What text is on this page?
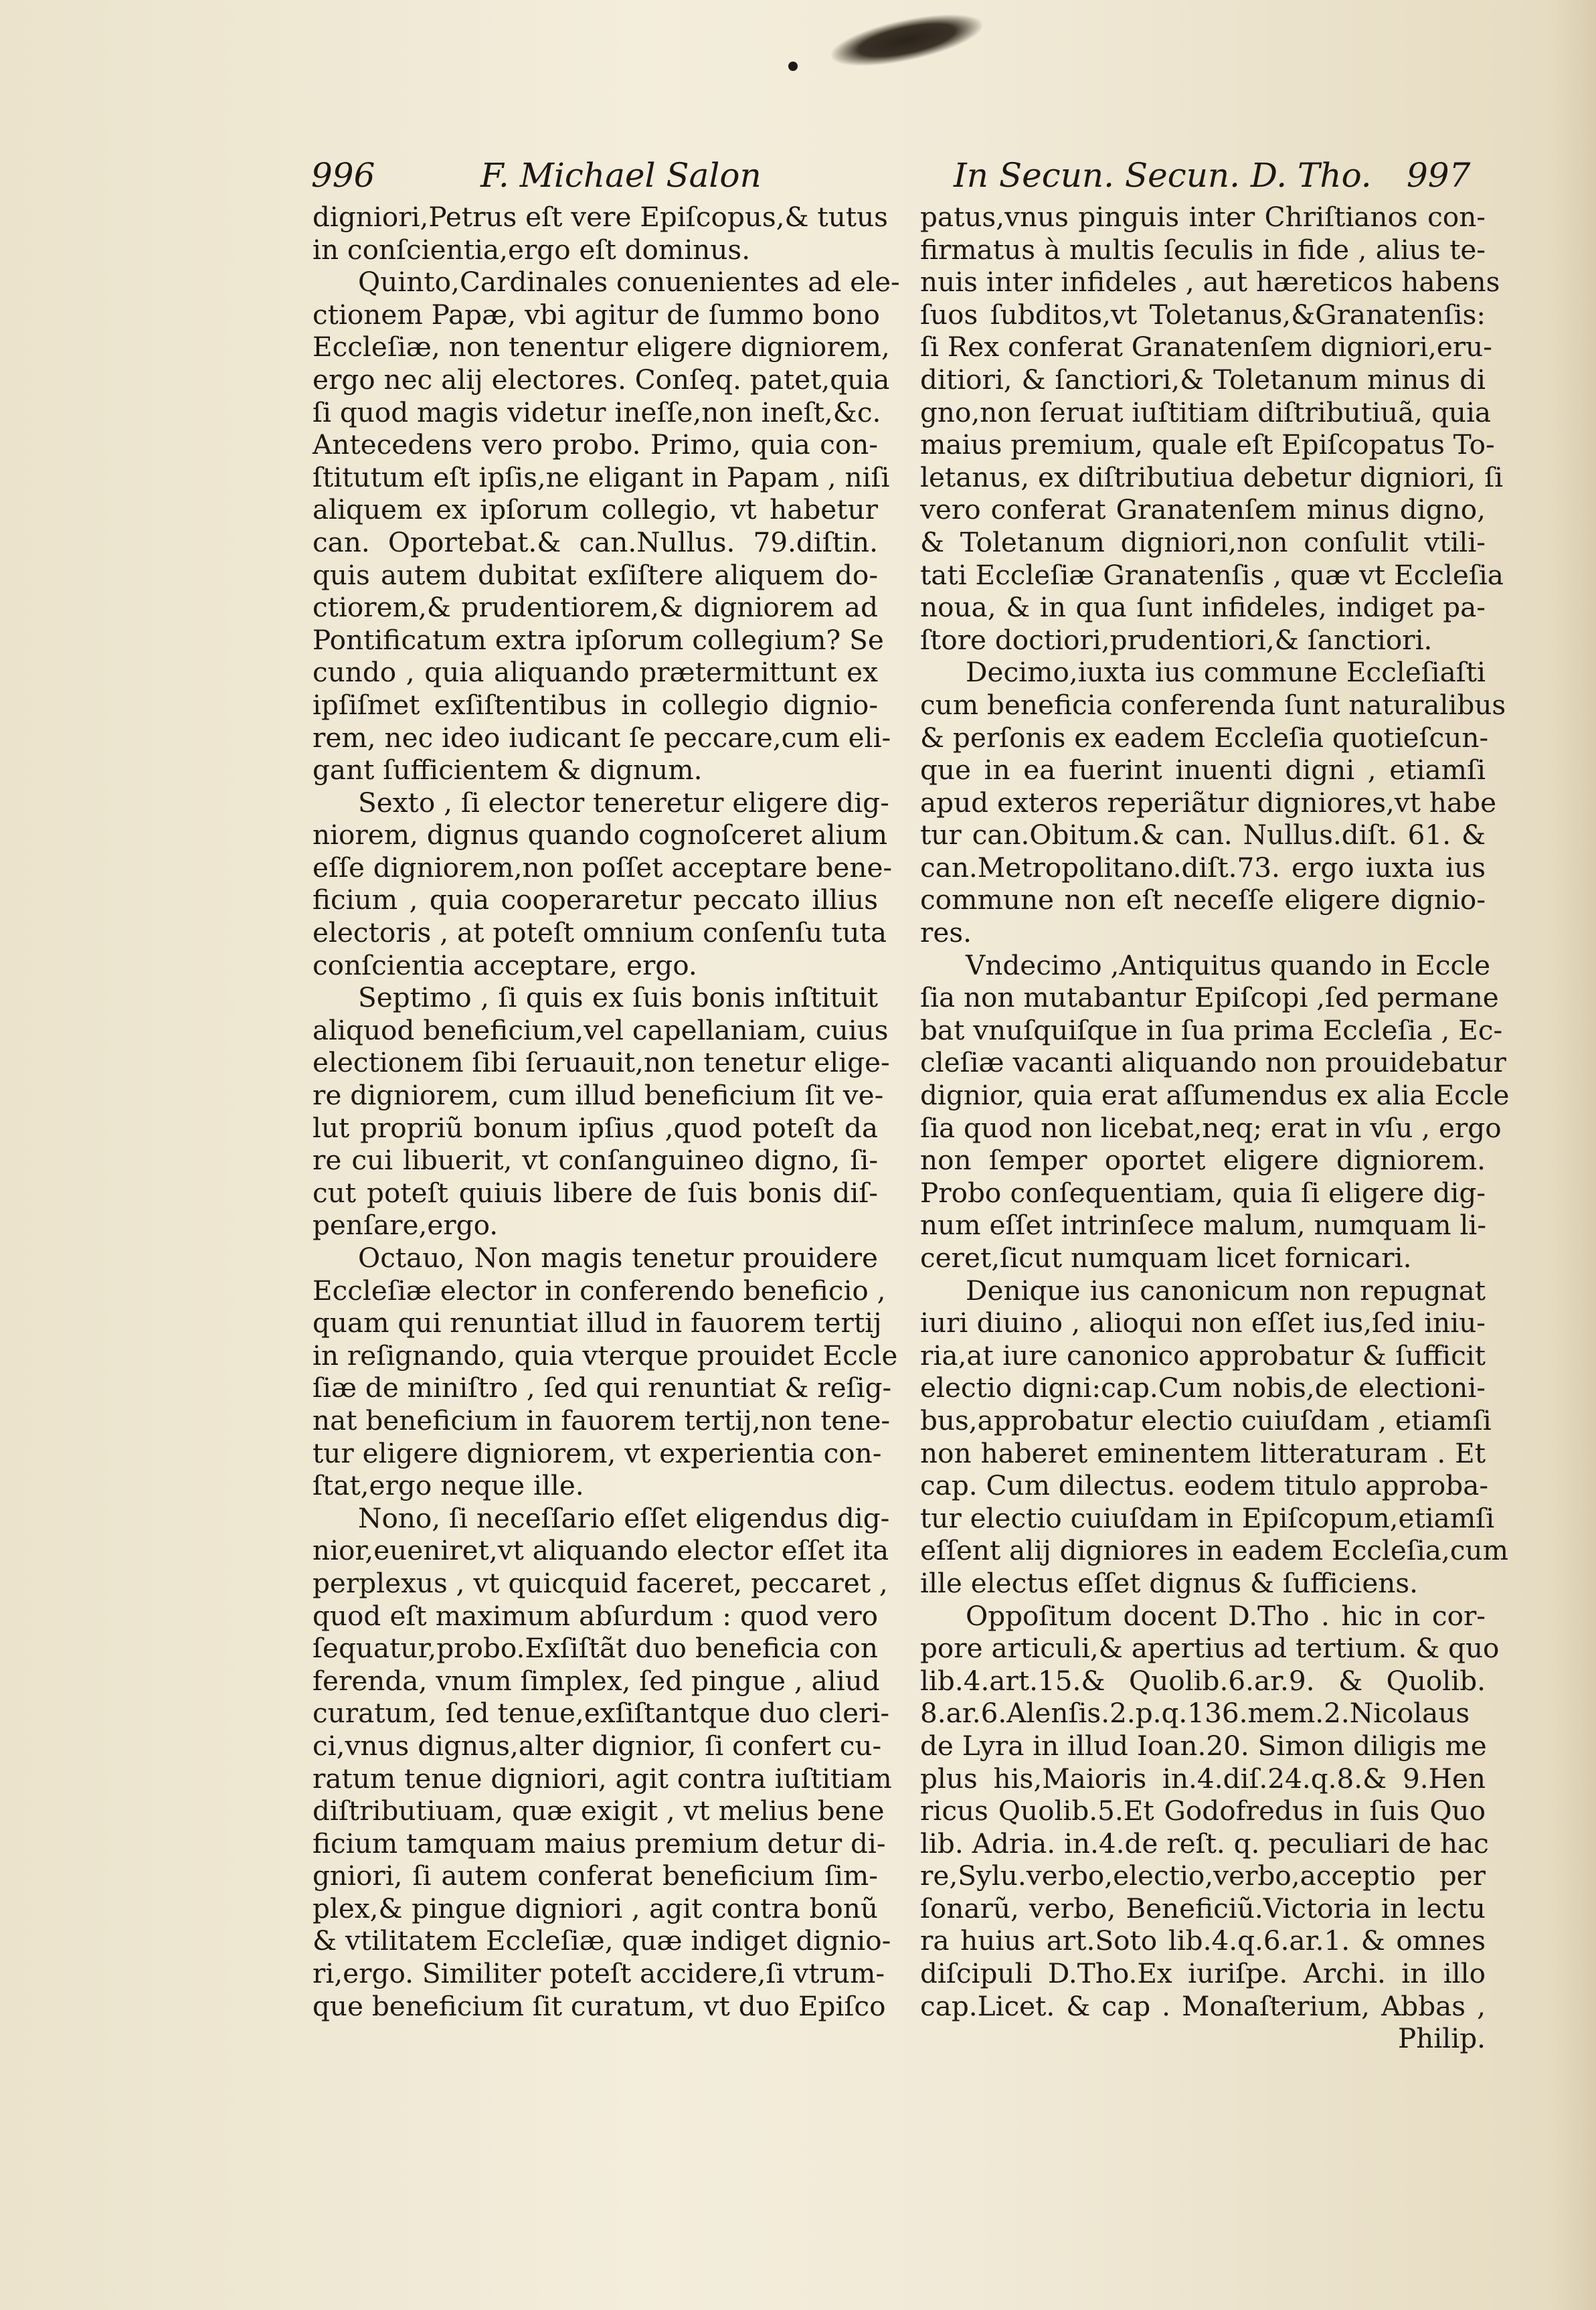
996	F. Michael Salon	In Secun. Secun. D. Tho. 997

digniori,Petrus eſt vere Epiſcopus,& tutus

in conſcientia,ergo eſt dominus.

Quinto,Cardinales conuenientes ad ele-

ctionem Papæ, vbi agitur de ſummo bono

Eccleſiæ, non tenentur eligere digniorem,

ergo nec alij electores. Conſeq. patet,quia

ſi quod magis videtur ineſſe,non ineſt,&c.

Antecedens vero probo. Primo, quia con-

ſtitutum eſt ipſis,ne eligant in Papam , niſi

aliquem ex ipſorum collegio, vt habetur

can. Oportebat.& can.Nullus. 79.diſtin.

quis autem dubitat exſiſtere aliquem do-

ctiorem,& prudentiorem,& digniorem ad

Pontificatum extra ipſorum collegium? Se

cundo , quia aliquando prætermittunt ex

ipſiſmet exſiſtentibus in collegio dignio-

rem, nec ideo iudicant ſe peccare,cum eli-

gant ſufficientem & dignum.

Sexto , ſi elector teneretur eligere dig-

niorem, dignus quando cognoſceret alium

eſſe digniorem,non poſſet acceptare bene-

ficium , quia cooperaretur peccato illius

electoris , at poteſt omnium conſenſu tuta

conſcientia acceptare, ergo.

Septimo , ſi quis ex ſuis bonis inſtituit

aliquod beneficium,vel capellaniam, cuius

electionem ſibi ſeruauit,non tenetur elige-

re digniorem, cum illud beneficium ſit ve-

lut propriũ bonum ipſius ,quod poteſt da

re cui libuerit, vt conſanguineo digno, ſi-

cut poteſt quiuis libere de ſuis bonis diſ-

penſare,ergo.

Octauo, Non magis tenetur prouidere

Eccleſiæ elector in conferendo beneficio ,

quam qui renuntiat illud in fauorem tertij

in reſignando, quia vterque prouidet Eccle

ſiæ de miniſtro , ſed qui renuntiat & reſig-

nat beneficium in fauorem tertij,non tene-

tur eligere digniorem, vt experientia con-

ſtat,ergo neque ille.

Nono, ſi neceſſario eſſet eligendus dig-

nior,eueniret,vt aliquando elector eſſet ita

perplexus , vt quicquid faceret, peccaret ,

quod eſt maximum abſurdum : quod vero

ſequatur,probo.Exſiſtãt duo beneficia con

ferenda, vnum ſimplex, ſed pingue , aliud

curatum, ſed tenue,exſiſtantque duo cleri-

ci,vnus dignus,alter dignior, ſi confert cu-

ratum tenue digniori, agit contra iuſtitiam

diſtributiuam, quæ exigit , vt melius bene

ficium tamquam maius premium detur di-

gniori, ſi autem conferat beneficium ſim-

plex,& pingue digniori , agit contra bonũ

& vtilitatem Eccleſiæ, quæ indiget dignio-

ri,ergo. Similiter poteſt accidere,ſi vtrum-

que beneficium ſit curatum, vt duo Epiſco

patus,vnus pinguis inter Chriſtianos con-

firmatus à multis ſeculis in fide , alius te-

nuis inter infideles , aut hæreticos habens

ſuos ſubditos,vt Toletanus,&Granatenſis:

ſi Rex conferat Granatenſem digniori,eru-

ditiori, & ſanctiori,& Toletanum minus di

gno,non ſeruat iuſtitiam diſtributiuã, quia

maius premium, quale eſt Epiſcopatus To-

letanus, ex diſtributiua debetur digniori, ſi

vero conferat Granatenſem minus digno,

& Toletanum digniori,non conſulit vtili-

tati Eccleſiæ Granatenſis , quæ vt Eccleſia

noua, & in qua ſunt infideles, indiget pa-

ſtore doctiori,prudentiori,& ſanctiori.

Decimo,iuxta ius commune Eccleſiaſti

cum beneficia conferenda ſunt naturalibus

& perſonis ex eadem Eccleſia quotieſcun-

que in ea fuerint inuenti digni , etiamſi

apud exteros reperiãtur digniores,vt habe

tur can.Obitum.& can. Nullus.diſt. 61. &

can.Metropolitano.diſt.73. ergo iuxta ius

commune non eſt neceſſe eligere dignio-

res.

Vndecimo ,Antiquitus quando in Eccle

ſia non mutabantur Epiſcopi ,ſed permane

bat vnuſquiſque in ſua prima Eccleſia , Ec-

cleſiæ vacanti aliquando non prouidebatur

dignior, quia erat aſſumendus ex alia Eccle

ſia quod non licebat,neq; erat in vſu , ergo

non ſemper oportet eligere digniorem.

Probo conſequentiam, quia ſi eligere dig-

num eſſet intrinſece malum, numquam li-

ceret,ſicut numquam licet fornicari.

Denique ius canonicum non repugnat

iuri diuino , alioqui non eſſet ius,ſed iniu-

ria,at iure canonico approbatur & ſufficit

electio digni:cap.Cum nobis,de electioni-

bus,approbatur electio cuiuſdam , etiamſi

non haberet eminentem litteraturam . Et

cap. Cum dilectus. eodem titulo approba-

tur electio cuiuſdam in Epiſcopum,etiamſi

eſſent alij digniores in eadem Eccleſia,cum

ille electus eſſet dignus & ſufficiens.

Oppoſitum docent D.Tho . hic in cor-

pore articuli,& apertius ad tertium. & quo

lib.4.art.15.& Quolib.6.ar.9. & Quolib.

8.ar.6.Alenſis.2.p.q.136.mem.2.Nicolaus

de Lyra in illud Ioan.20. Simon diligis me

plus his,Maioris in.4.diſ.24.q.8.& 9.Hen

ricus Quolib.5.Et Godofredus in ſuis Quo

lib. Adria. in.4.de reſt. q. peculiari de hac

re,Sylu.verbo,electio,verbo,acceptio per

ſonarũ, verbo, Beneficiũ.Victoria in lectu

ra huius art.Soto lib.4.q.6.ar.1. & omnes

diſcipuli D.Tho.Ex iuriſpe. Archi. in illo

cap.Licet. & cap . Monaſterium, Abbas ,

Philip.
